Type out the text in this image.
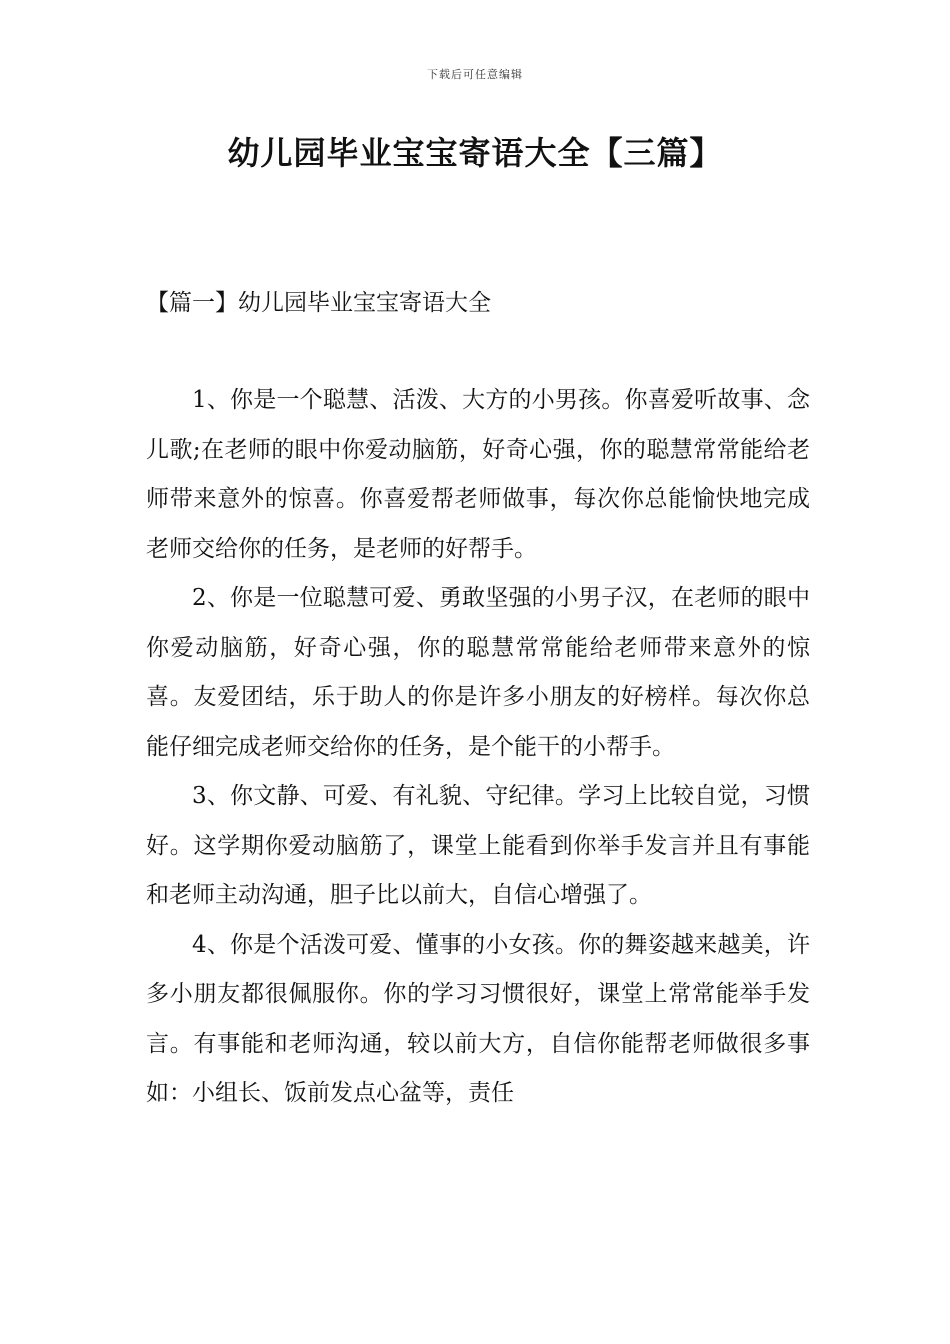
下载后可任意编辑
幼儿园毕业宝宝寄语大全【三篇】
【篇一】幼儿园毕业宝宝寄语大全

1、你是一个聪慧、活泼、大方的小男孩。你喜爱听故事、念儿歌;在老师的眼中你爱动脑筋，好奇心强，你的聪慧常常能给老师带来意外的惊喜。你喜爱帮老师做事，每次你总能愉快地完成老师交给你的任务，是老师的好帮手。

2、你是一位聪慧可爱、勇敢坚强的小男子汉，在老师的眼中你爱动脑筋，好奇心强，你的聪慧常常能给老师带来意外的惊喜。友爱团结，乐于助人的你是许多小朋友的好榜样。每次你总能仔细完成老师交给你的任务，是个能干的小帮手。

3、你文静、可爱、有礼貌、守纪律。学习上比较自觉，习惯好。这学期你爱动脑筋了，课堂上能看到你举手发言并且有事能和老师主动沟通，胆子比以前大，自信心增强了。

4、你是个活泼可爱、懂事的小女孩。你的舞姿越来越美，许多小朋友都很佩服你。你的学习习惯很好，课堂上常常能举手发言。有事能和老师沟通，较以前大方，自信你能帮老师做很多事如：小组长、饭前发点心盆等，责任
